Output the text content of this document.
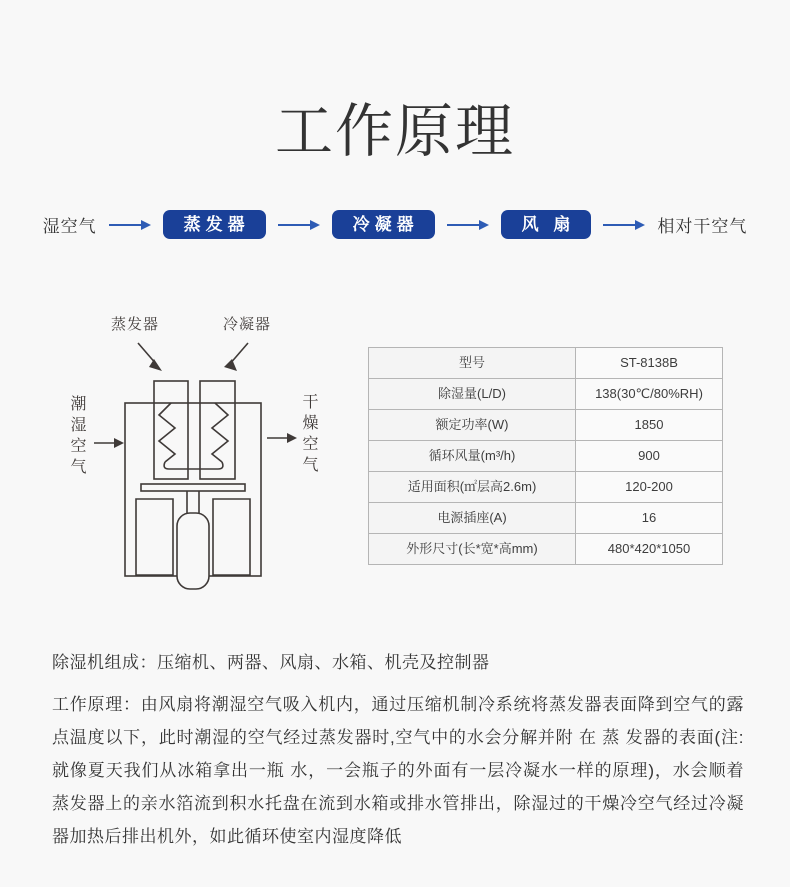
工作原理
湿空气	蒸发器	冷凝器	风 扇	相对干空气
蒸发器	冷凝器
潮湿空气	干燥空气
型号	ST-8138B
除湿量(L/D)	138(30℃/80%RH)
额定功率(W)	1850
循环风量(m³/h)	900
适用面积(㎡层高2.6m)	120-200
电源插座(A)	16
外形尺寸(长*宽*高mm)	480*420*1050

除湿机组成：压缩机、两器、风扇、水箱、机壳及控制器

工作原理：由风扇将潮湿空气吸入机内，通过压缩机制冷系统将蒸发器表面降到空气的露点温度以下，此时潮湿的空气经过蒸发器时,空气中的水会分解并附 在 蒸 发器的表面(注:就像夏天我们从冰箱拿出一瓶 水，一会瓶子的外面有一层冷凝水一样的原理)，水会顺着蒸发器上的亲水箔流到积水托盘在流到水箱或排水管排出，除湿过的干燥冷空气经过冷凝器加热后排出机外，如此循环使室内湿度降低
